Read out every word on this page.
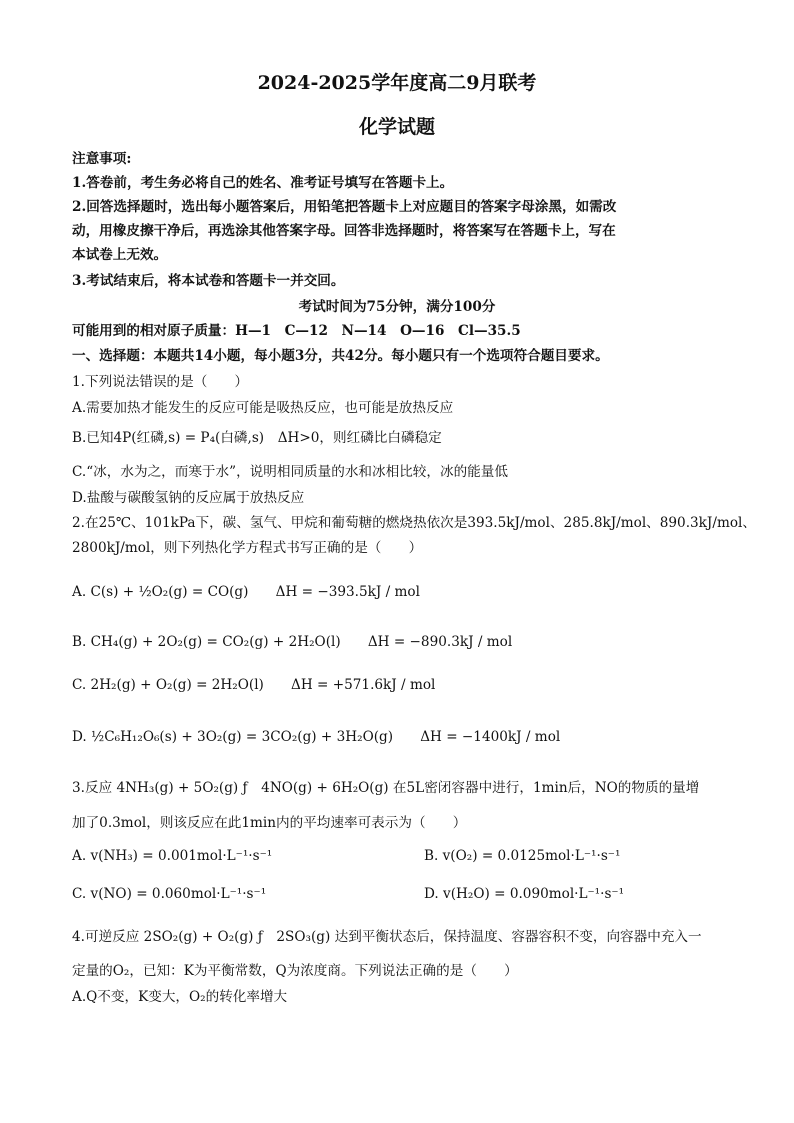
2024-2025学年度高二9月联考
化学试题
注意事项:
1.答卷前，考生务必将自己的姓名、准考证号填写在答题卡上。
2.回答选择题时，选出每小题答案后，用铅笔把答题卡上对应题目的答案字母涂黑，如需改
动，用橡皮擦干净后，再选涂其他答案字母。回答非选择题时，将答案写在答题卡上，写在
本试卷上无效。
3.考试结束后，将本试卷和答题卡一并交回。
考试时间为75分钟，满分100分
可能用到的相对原子质量：H—1　C—12　N—14　O—16　Cl—35.5
一、选择题：本题共14小题，每小题3分，共42分。每小题只有一个选项符合题目要求。
1.下列说法错误的是（　　）
A.需要加热才能发生的反应可能是吸热反应，也可能是放热反应
B.已知4P(红磷,s) = P₄(白磷,s)　ΔH>0，则红磷比白磷稳定
C.“冰，水为之，而寒于水”，说明相同质量的水和冰相比较，冰的能量低
D.盐酸与碳酸氢钠的反应属于放热反应
2.在25℃、101kPa下，碳、氢气、甲烷和葡萄糖的燃烧热依次是393.5kJ/mol、285.8kJ/mol、890.3kJ/mol、
2800kJ/mol，则下列热化学方程式书写正确的是（　　）
A. C(s) + ½O₂(g) = CO(g)　　ΔH = −393.5kJ / mol
B. CH₄(g) + 2O₂(g) = CO₂(g) + 2H₂O(l)　　ΔH = −890.3kJ / mol
C. 2H₂(g) + O₂(g) = 2H₂O(l)　　ΔH = +571.6kJ / mol
D. ½C₆H₁₂O₆(s) + 3O₂(g) = 3CO₂(g) + 3H₂O(g)　　ΔH = −1400kJ / mol
3.反应 4NH₃(g) + 5O₂(g) ƒ　4NO(g) + 6H₂O(g) 在5L密闭容器中进行，1min后，NO的物质的量增
加了0.3mol，则该反应在此1min内的平均速率可表示为（　　）
A. v(NH₃) = 0.001mol·L⁻¹·s⁻¹	B. v(O₂) = 0.0125mol·L⁻¹·s⁻¹
C. v(NO) = 0.060mol·L⁻¹·s⁻¹	D. v(H₂O) = 0.090mol·L⁻¹·s⁻¹
4.可逆反应 2SO₂(g) + O₂(g) ƒ　2SO₃(g) 达到平衡状态后，保持温度、容器容积不变，向容器中充入一
定量的O₂，已知：K为平衡常数，Q为浓度商。下列说法正确的是（　　）
A.Q不变，K变大，O₂的转化率增大
